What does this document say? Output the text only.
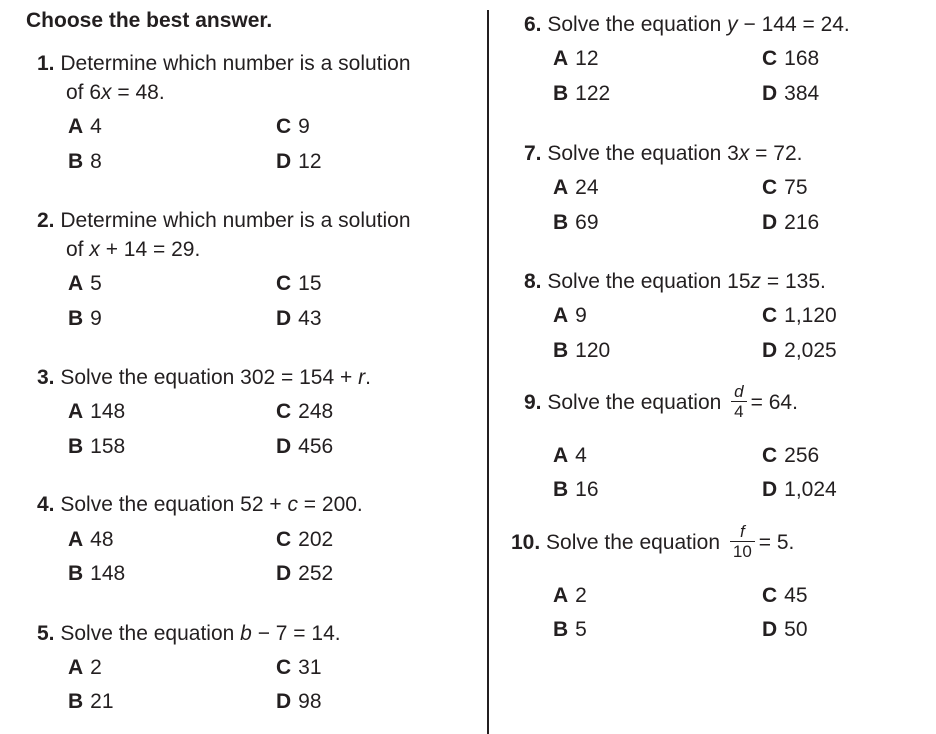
Choose the best answer.
1. Determine which number is a solution
of 6x = 48.
A 4	C 9
B 8	D 12
2. Determine which number is a solution
of x + 14 = 29.
A 5	C 15
B 9	D 43
3. Solve the equation 302 = 154 + r.
A 148	C 248
B 158	D 456
4. Solve the equation 52 + c = 200.
A 48	C 202
B 148	D 252
5. Solve the equation b − 7 = 14.
A 2	C 31
B 21	D 98
6. Solve the equation y − 144 = 24.
A 12	C 168
B 122	D 384
7. Solve the equation 3x = 72.
A 24	C 75
B 69	D 216
8. Solve the equation 15z = 135.
A 9	C 1,120
B 120	D 2,025
9. Solve the equation $\frac{d}{4} = 64$.
A 4	C 256
B 16	D 1,024
10. Solve the equation $\frac{f}{10} = 5$.
A 2	C 45
B 5	D 50
